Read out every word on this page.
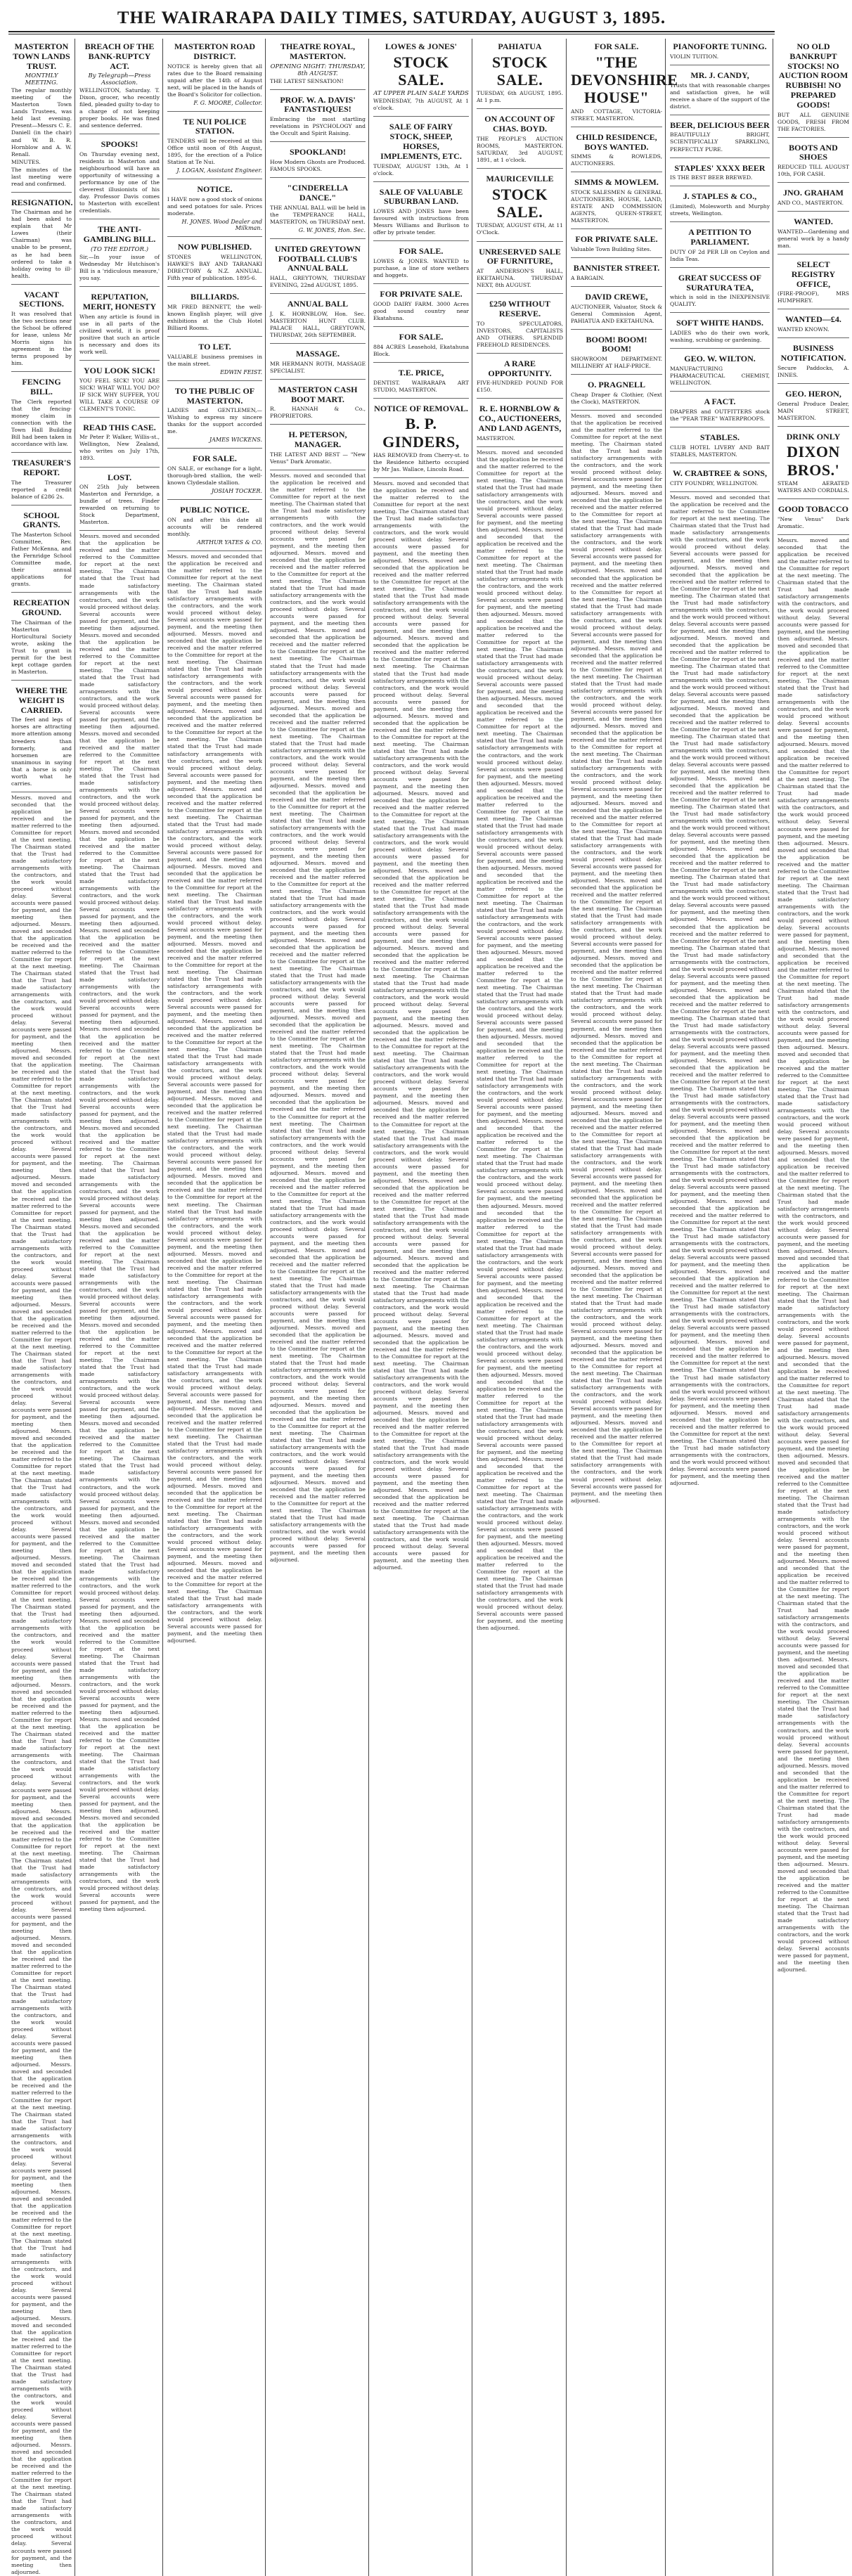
THE WAIRARAPA DAILY TIMES, SATURDAY, AUGUST 3, 1895.
MASTERTON TOWN LANDS TRUST.
MONTHLY MEETING.
The regular monthly meeting of the Masterton Town Lands Trustees, was held last evening. Present—Messrs C. E. Daniell (in the chair) and W. B. R. Hornblow and A. W. Renall.
MINUTES.
The minutes of the last meeting were read and confirmed.
RESIGNATION.
The Chairman and he had been asked to explain that Mr Lowes (their Chairman) was unable to be present, as he had been ordered to take a holiday owing to ill-health.
VACANT SECTIONS.
It was resolved that the two sections near the School be offered for lease, unless Mr Morris signs his agreement in the terms proposed by him.
FENCING BILL.
The Clerk reported that the fencing-money claim in connection with the Town Hall Building Bill had been taken in accordance with law.
TREASURER'S REPORT.
The Treasurer reported a credit balance of £286 2s.
SCHOOL GRANTS.
The Masterton School Committee, Rev. Father McKenna, and the Fernridge School Committee made, their annual applications for grants.
RECREATION GROUND.
The Chairman of the Masterton Horticultural Society wrote, asking the Trust to grant in permit for the best kept cottage garden in Masterton.
WHERE THE WEIGHT IS CARRIED.
The feet and legs of horses are attracting more attention among breeders than formerly, and horsemen are unanimous in saying that a horse is only worth what he carries.
Messrs. moved and seconded that the application be received and the matter referred to the Committee for report at the next meeting. The Chairman stated that the Trust had made satisfactory arrangements with the contractors, and the work would proceed without delay. Several accounts were passed for payment, and the meeting then adjourned. Messrs. moved and seconded that the application be received and the matter referred to the Committee for report at the next meeting. The Chairman stated that the Trust had made satisfactory arrangements with the contractors, and the work would proceed without delay. Several accounts were passed for payment, and the meeting then adjourned. Messrs. moved and seconded that the application be received and the matter referred to the Committee for report at the next meeting. The Chairman stated that the Trust had made satisfactory arrangements with the contractors, and the work would proceed without delay. Several accounts were passed for payment, and the meeting then adjourned. Messrs. moved and seconded that the application be received and the matter referred to the Committee for report at the next meeting. The Chairman stated that the Trust had made satisfactory arrangements with the contractors, and the work would proceed without delay. Several accounts were passed for payment, and the meeting then adjourned. Messrs. moved and seconded that the application be received and the matter referred to the Committee for report at the next meeting. The Chairman stated that the Trust had made satisfactory arrangements with the contractors, and the work would proceed without delay. Several accounts were passed for payment, and the meeting then adjourned. Messrs. moved and seconded that the application be received and the matter referred to the Committee for report at the next meeting. The Chairman stated that the Trust had made satisfactory arrangements with the contractors, and the work would proceed without delay. Several accounts were passed for payment, and the meeting then adjourned. Messrs. moved and seconded that the application be received and the matter referred to the Committee for report at the next meeting. The Chairman stated that the Trust had made satisfactory arrangements with the contractors, and the work would proceed without delay. Several accounts were passed for payment, and the meeting then adjourned. Messrs. moved and seconded that the application be received and the matter referred to the Committee for report at the next meeting. The Chairman stated that the Trust had made satisfactory arrangements with the contractors, and the work would proceed without delay. Several accounts were passed for payment, and the meeting then adjourned. Messrs. moved and seconded that the application be received and the matter referred to the Committee for report at the next meeting. The Chairman stated that the Trust had made satisfactory arrangements with the contractors, and the work would proceed without delay. Several accounts were passed for payment, and the meeting then adjourned. Messrs. moved and seconded that the application be received and the matter referred to the Committee for report at the next meeting. The Chairman stated that the Trust had made satisfactory arrangements with the contractors, and the work would proceed without delay. Several accounts were passed for payment, and the meeting then adjourned. Messrs. moved and seconded that the application be received and the matter referred to the Committee for report at the next meeting. The Chairman stated that the Trust had made satisfactory arrangements with the contractors, and the work would proceed without delay. Several accounts were passed for payment, and the meeting then adjourned. Messrs. moved and seconded that the application be received and the matter referred to the Committee for report at the next meeting. The Chairman stated that the Trust had made satisfactory arrangements with the contractors, and the work would proceed without delay. Several accounts were passed for payment, and the meeting then adjourned. Messrs. moved and seconded that the application be received and the matter referred to the Committee for report at the next meeting. The Chairman stated that the Trust had made satisfactory arrangements with the contractors, and the work would proceed without delay. Several accounts were passed for payment, and the meeting then adjourned. Messrs. moved and seconded that the application be received and the matter referred to the Committee for report at the next meeting. The Chairman stated that the Trust had made satisfactory arrangements with the contractors, and the work would proceed without delay. Several accounts were passed for payment, and the meeting then adjourned.
BREACH OF THE BANK-RUPTCY ACT.
By Telegraph—Press Association.
WELLINGTON, Saturday. T. Dixon, grocer, who recently filed, pleaded guilty to-day to a charge of not keeping proper books. He was fined and sentence deferred.
SPOOKS!
On Thursday evening next, residents in Masterton and neighbourhood will have an opportunity of witnessing a performance by one of the cleverest illusionists of his day. Professor Davis comes to Masterton with excellent credentials.
THE ANTI-GAMBLING BILL.
(TO THE EDITOR.)
Sir,—In your issue of Wednesday Mr Hutchison's Bill is a 'ridiculous measure,' you say.
REPUTATION, MERIT, HONESTY
When any article is found in use in all parts of the civilized world, it is proof positive that such an article is necessary and does its work well.
YOU LOOK SICK!
YOU FEEL SICK! YOU ARE SICK! WHAT WILL YOU DO? IF SICK WHY SUFFER, YOU WILL TAKE A COURSE OF CLEMENT'S TONIC.
READ THIS CASE.
Mr Peter P. Walker, Willis-st., Wellington, New Zealand, who writes on July 17th, 1893.
LOST.
ON 25th July between Masterton and Fernridge, a bundle of trees. Finder rewarded on returning to Stock Department, Masterton.
Messrs. moved and seconded that the application be received and the matter referred to the Committee for report at the next meeting. The Chairman stated that the Trust had made satisfactory arrangements with the contractors, and the work would proceed without delay. Several accounts were passed for payment, and the meeting then adjourned. Messrs. moved and seconded that the application be received and the matter referred to the Committee for report at the next meeting. The Chairman stated that the Trust had made satisfactory arrangements with the contractors, and the work would proceed without delay. Several accounts were passed for payment, and the meeting then adjourned. Messrs. moved and seconded that the application be received and the matter referred to the Committee for report at the next meeting. The Chairman stated that the Trust had made satisfactory arrangements with the contractors, and the work would proceed without delay. Several accounts were passed for payment, and the meeting then adjourned. Messrs. moved and seconded that the application be received and the matter referred to the Committee for report at the next meeting. The Chairman stated that the Trust had made satisfactory arrangements with the contractors, and the work would proceed without delay. Several accounts were passed for payment, and the meeting then adjourned. Messrs. moved and seconded that the application be received and the matter referred to the Committee for report at the next meeting. The Chairman stated that the Trust had made satisfactory arrangements with the contractors, and the work would proceed without delay. Several accounts were passed for payment, and the meeting then adjourned. Messrs. moved and seconded that the application be received and the matter referred to the Committee for report at the next meeting. The Chairman stated that the Trust had made satisfactory arrangements with the contractors, and the work would proceed without delay. Several accounts were passed for payment, and the meeting then adjourned. Messrs. moved and seconded that the application be received and the matter referred to the Committee for report at the next meeting. The Chairman stated that the Trust had made satisfactory arrangements with the contractors, and the work would proceed without delay. Several accounts were passed for payment, and the meeting then adjourned. Messrs. moved and seconded that the application be received and the matter referred to the Committee for report at the next meeting. The Chairman stated that the Trust had made satisfactory arrangements with the contractors, and the work would proceed without delay. Several accounts were passed for payment, and the meeting then adjourned. Messrs. moved and seconded that the application be received and the matter referred to the Committee for report at the next meeting. The Chairman stated that the Trust had made satisfactory arrangements with the contractors, and the work would proceed without delay. Several accounts were passed for payment, and the meeting then adjourned. Messrs. moved and seconded that the application be received and the matter referred to the Committee for report at the next meeting. The Chairman stated that the Trust had made satisfactory arrangements with the contractors, and the work would proceed without delay. Several accounts were passed for payment, and the meeting then adjourned. Messrs. moved and seconded that the application be received and the matter referred to the Committee for report at the next meeting. The Chairman stated that the Trust had made satisfactory arrangements with the contractors, and the work would proceed without delay. Several accounts were passed for payment, and the meeting then adjourned. Messrs. moved and seconded that the application be received and the matter referred to the Committee for report at the next meeting. The Chairman stated that the Trust had made satisfactory arrangements with the contractors, and the work would proceed without delay. Several accounts were passed for payment, and the meeting then adjourned. Messrs. moved and seconded that the application be received and the matter referred to the Committee for report at the next meeting. The Chairman stated that the Trust had made satisfactory arrangements with the contractors, and the work would proceed without delay. Several accounts were passed for payment, and the meeting then adjourned. Messrs. moved and seconded that the application be received and the matter referred to the Committee for report at the next meeting. The Chairman stated that the Trust had made satisfactory arrangements with the contractors, and the work would proceed without delay. Several accounts were passed for payment, and the meeting then adjourned.
MASTERTON ROAD DISTRICT.
NOTICE is hereby given that all rates due to the Board remaining unpaid after the 14th of August next, will be placed in the hands of the Board's Solicitor for collection.
F. G. MOORE, Collector.
TE NUI POLICE STATION.
TENDERS will be received at this Office until noon of 8th August, 1895, for the erection of a Police Station at Te Nui.
J. LOGAN, Assistant Engineer.
NOTICE.
I HAVE now a good stock of onions and seed potatoes for sale. Prices moderate.
H. JONES. Wood Dealer and Milkman.
NOW PUBLISHED.
STONES WELLINGTON, HAWKE'S BAY AND TARANAKI DIRECTORY & N.Z. ANNUAL. Fifth year of publication. 1895-6.
BILLIARDS.
MR FRED BENNETT, the well-known English player, will give exhibitions at the Club Hotel Billiard Rooms.
TO LET.
VALUABLE business premises in the main street.
EDWIN FEIST.
TO THE PUBLIC OF MASTERTON.
LADIES and GENTLEMEN,—Wishing to express my sincere thanks for the support accorded me.
JAMES WICKENS.
FOR SALE.
ON SALE, or exchange for a light, thorough-bred stallion, the well-known Clydesdale stallion.
JOSIAH TOCKER.
PUBLIC NOTICE.
ON and after this date all accounts will be rendered monthly.
ARTHUR YATES & CO.
Messrs. moved and seconded that the application be received and the matter referred to the Committee for report at the next meeting. The Chairman stated that the Trust had made satisfactory arrangements with the contractors, and the work would proceed without delay. Several accounts were passed for payment, and the meeting then adjourned. Messrs. moved and seconded that the application be received and the matter referred to the Committee for report at the next meeting. The Chairman stated that the Trust had made satisfactory arrangements with the contractors, and the work would proceed without delay. Several accounts were passed for payment, and the meeting then adjourned. Messrs. moved and seconded that the application be received and the matter referred to the Committee for report at the next meeting. The Chairman stated that the Trust had made satisfactory arrangements with the contractors, and the work would proceed without delay. Several accounts were passed for payment, and the meeting then adjourned. Messrs. moved and seconded that the application be received and the matter referred to the Committee for report at the next meeting. The Chairman stated that the Trust had made satisfactory arrangements with the contractors, and the work would proceed without delay. Several accounts were passed for payment, and the meeting then adjourned. Messrs. moved and seconded that the application be received and the matter referred to the Committee for report at the next meeting. The Chairman stated that the Trust had made satisfactory arrangements with the contractors, and the work would proceed without delay. Several accounts were passed for payment, and the meeting then adjourned. Messrs. moved and seconded that the application be received and the matter referred to the Committee for report at the next meeting. The Chairman stated that the Trust had made satisfactory arrangements with the contractors, and the work would proceed without delay. Several accounts were passed for payment, and the meeting then adjourned. Messrs. moved and seconded that the application be received and the matter referred to the Committee for report at the next meeting. The Chairman stated that the Trust had made satisfactory arrangements with the contractors, and the work would proceed without delay. Several accounts were passed for payment, and the meeting then adjourned. Messrs. moved and seconded that the application be received and the matter referred to the Committee for report at the next meeting. The Chairman stated that the Trust had made satisfactory arrangements with the contractors, and the work would proceed without delay. Several accounts were passed for payment, and the meeting then adjourned. Messrs. moved and seconded that the application be received and the matter referred to the Committee for report at the next meeting. The Chairman stated that the Trust had made satisfactory arrangements with the contractors, and the work would proceed without delay. Several accounts were passed for payment, and the meeting then adjourned. Messrs. moved and seconded that the application be received and the matter referred to the Committee for report at the next meeting. The Chairman stated that the Trust had made satisfactory arrangements with the contractors, and the work would proceed without delay. Several accounts were passed for payment, and the meeting then adjourned. Messrs. moved and seconded that the application be received and the matter referred to the Committee for report at the next meeting. The Chairman stated that the Trust had made satisfactory arrangements with the contractors, and the work would proceed without delay. Several accounts were passed for payment, and the meeting then adjourned. Messrs. moved and seconded that the application be received and the matter referred to the Committee for report at the next meeting. The Chairman stated that the Trust had made satisfactory arrangements with the contractors, and the work would proceed without delay. Several accounts were passed for payment, and the meeting then adjourned. Messrs. moved and seconded that the application be received and the matter referred to the Committee for report at the next meeting. The Chairman stated that the Trust had made satisfactory arrangements with the contractors, and the work would proceed without delay. Several accounts were passed for payment, and the meeting then adjourned. Messrs. moved and seconded that the application be received and the matter referred to the Committee for report at the next meeting. The Chairman stated that the Trust had made satisfactory arrangements with the contractors, and the work would proceed without delay. Several accounts were passed for payment, and the meeting then adjourned.
THEATRE ROYAL, MASTERTON.
OPENING NIGHT: THURSDAY, 8th AUGUST.
THE LATEST SENSATION!
PROF. W. A. DAVIS' FANTASTIQUES!
Embracing the most startling revelations in PSYCHOLOGY and the Occult and Spirit Raising.
SPOOKLAND!
How Modern Ghosts are Produced. FAMOUS SPOOKS.
"CINDERELLA DANCE."
THE ANNUAL BALL will be held in the TEMPERANCE HALL, MASTERTON, on THURSDAY next.
G. W. JONES, Hon. Sec.
UNITED GREYTOWN FOOTBALL CLUB'S ANNUAL BALL
HALL, GREYTOWN, THURSDAY EVENING, 22nd AUGUST, 1895.
ANNUAL BALL
J. K. HORNBLOW, Hon. Sec. MASTERTON HUNT CLUB. PALACE HALL, GREYTOWN, THURSDAY, 26th SEPTEMBER.
MASSAGE.
MR HERMANN ROTH, MASSAGE SPECIALIST.
MASTERTON CASH BOOT MART.
R. HANNAH & Co., PROPRIETORS.
H. PETERSON, MANAGER.
THE LATEST AND BEST — "New Venus" Dark Aromatic.
Messrs. moved and seconded that the application be received and the matter referred to the Committee for report at the next meeting. The Chairman stated that the Trust had made satisfactory arrangements with the contractors, and the work would proceed without delay. Several accounts were passed for payment, and the meeting then adjourned. Messrs. moved and seconded that the application be received and the matter referred to the Committee for report at the next meeting. The Chairman stated that the Trust had made satisfactory arrangements with the contractors, and the work would proceed without delay. Several accounts were passed for payment, and the meeting then adjourned. Messrs. moved and seconded that the application be received and the matter referred to the Committee for report at the next meeting. The Chairman stated that the Trust had made satisfactory arrangements with the contractors, and the work would proceed without delay. Several accounts were passed for payment, and the meeting then adjourned. Messrs. moved and seconded that the application be received and the matter referred to the Committee for report at the next meeting. The Chairman stated that the Trust had made satisfactory arrangements with the contractors, and the work would proceed without delay. Several accounts were passed for payment, and the meeting then adjourned. Messrs. moved and seconded that the application be received and the matter referred to the Committee for report at the next meeting. The Chairman stated that the Trust had made satisfactory arrangements with the contractors, and the work would proceed without delay. Several accounts were passed for payment, and the meeting then adjourned. Messrs. moved and seconded that the application be received and the matter referred to the Committee for report at the next meeting. The Chairman stated that the Trust had made satisfactory arrangements with the contractors, and the work would proceed without delay. Several accounts were passed for payment, and the meeting then adjourned. Messrs. moved and seconded that the application be received and the matter referred to the Committee for report at the next meeting. The Chairman stated that the Trust had made satisfactory arrangements with the contractors, and the work would proceed without delay. Several accounts were passed for payment, and the meeting then adjourned. Messrs. moved and seconded that the application be received and the matter referred to the Committee for report at the next meeting. The Chairman stated that the Trust had made satisfactory arrangements with the contractors, and the work would proceed without delay. Several accounts were passed for payment, and the meeting then adjourned. Messrs. moved and seconded that the application be received and the matter referred to the Committee for report at the next meeting. The Chairman stated that the Trust had made satisfactory arrangements with the contractors, and the work would proceed without delay. Several accounts were passed for payment, and the meeting then adjourned. Messrs. moved and seconded that the application be received and the matter referred to the Committee for report at the next meeting. The Chairman stated that the Trust had made satisfactory arrangements with the contractors, and the work would proceed without delay. Several accounts were passed for payment, and the meeting then adjourned. Messrs. moved and seconded that the application be received and the matter referred to the Committee for report at the next meeting. The Chairman stated that the Trust had made satisfactory arrangements with the contractors, and the work would proceed without delay. Several accounts were passed for payment, and the meeting then adjourned. Messrs. moved and seconded that the application be received and the matter referred to the Committee for report at the next meeting. The Chairman stated that the Trust had made satisfactory arrangements with the contractors, and the work would proceed without delay. Several accounts were passed for payment, and the meeting then adjourned. Messrs. moved and seconded that the application be received and the matter referred to the Committee for report at the next meeting. The Chairman stated that the Trust had made satisfactory arrangements with the contractors, and the work would proceed without delay. Several accounts were passed for payment, and the meeting then adjourned. Messrs. moved and seconded that the application be received and the matter referred to the Committee for report at the next meeting. The Chairman stated that the Trust had made satisfactory arrangements with the contractors, and the work would proceed without delay. Several accounts were passed for payment, and the meeting then adjourned.
LOWES & JONES'
STOCK SALE.
AT UPPER PLAIN SALE YARDS
WEDNESDAY, 7th AUGUST, At 1 o'clock.
SALE OF FAIRY STOCK, SHEEP, HORSES, IMPLEMENTS, ETC.
TUESDAY, AUGUST 13th, At 1 o'clock.
SALE OF VALUABLE SUBURBAN LAND.
LOWES AND JONES have been favoured with instructions from Messrs Williams and Burlison to offer by private tender.
FOR SALE.
LOWES & JONES. WANTED to purchase, a line of store wethers and hoggets.
FOR PRIVATE SALE.
GOOD DAIRY FARM. 3000 Acres good sound country near Ekatahuna.
FOR SALE.
884 ACRES Leasehold, Ekatahuna Block.
T.E. PRICE,
DENTIST. WAIRARAPA ART STUDIO, MASTERTON.
NOTICE OF REMOVAL.
B. P. GINDERS,
HAS REMOVED from Cherry-st. to the Residence hitherto occupied by Mr Jas. Wallace, Lincoln Road.
Messrs. moved and seconded that the application be received and the matter referred to the Committee for report at the next meeting. The Chairman stated that the Trust had made satisfactory arrangements with the contractors, and the work would proceed without delay. Several accounts were passed for payment, and the meeting then adjourned. Messrs. moved and seconded that the application be received and the matter referred to the Committee for report at the next meeting. The Chairman stated that the Trust had made satisfactory arrangements with the contractors, and the work would proceed without delay. Several accounts were passed for payment, and the meeting then adjourned. Messrs. moved and seconded that the application be received and the matter referred to the Committee for report at the next meeting. The Chairman stated that the Trust had made satisfactory arrangements with the contractors, and the work would proceed without delay. Several accounts were passed for payment, and the meeting then adjourned. Messrs. moved and seconded that the application be received and the matter referred to the Committee for report at the next meeting. The Chairman stated that the Trust had made satisfactory arrangements with the contractors, and the work would proceed without delay. Several accounts were passed for payment, and the meeting then adjourned. Messrs. moved and seconded that the application be received and the matter referred to the Committee for report at the next meeting. The Chairman stated that the Trust had made satisfactory arrangements with the contractors, and the work would proceed without delay. Several accounts were passed for payment, and the meeting then adjourned. Messrs. moved and seconded that the application be received and the matter referred to the Committee for report at the next meeting. The Chairman stated that the Trust had made satisfactory arrangements with the contractors, and the work would proceed without delay. Several accounts were passed for payment, and the meeting then adjourned. Messrs. moved and seconded that the application be received and the matter referred to the Committee for report at the next meeting. The Chairman stated that the Trust had made satisfactory arrangements with the contractors, and the work would proceed without delay. Several accounts were passed for payment, and the meeting then adjourned. Messrs. moved and seconded that the application be received and the matter referred to the Committee for report at the next meeting. The Chairman stated that the Trust had made satisfactory arrangements with the contractors, and the work would proceed without delay. Several accounts were passed for payment, and the meeting then adjourned. Messrs. moved and seconded that the application be received and the matter referred to the Committee for report at the next meeting. The Chairman stated that the Trust had made satisfactory arrangements with the contractors, and the work would proceed without delay. Several accounts were passed for payment, and the meeting then adjourned. Messrs. moved and seconded that the application be received and the matter referred to the Committee for report at the next meeting. The Chairman stated that the Trust had made satisfactory arrangements with the contractors, and the work would proceed without delay. Several accounts were passed for payment, and the meeting then adjourned. Messrs. moved and seconded that the application be received and the matter referred to the Committee for report at the next meeting. The Chairman stated that the Trust had made satisfactory arrangements with the contractors, and the work would proceed without delay. Several accounts were passed for payment, and the meeting then adjourned. Messrs. moved and seconded that the application be received and the matter referred to the Committee for report at the next meeting. The Chairman stated that the Trust had made satisfactory arrangements with the contractors, and the work would proceed without delay. Several accounts were passed for payment, and the meeting then adjourned. Messrs. moved and seconded that the application be received and the matter referred to the Committee for report at the next meeting. The Chairman stated that the Trust had made satisfactory arrangements with the contractors, and the work would proceed without delay. Several accounts were passed for payment, and the meeting then adjourned. Messrs. moved and seconded that the application be received and the matter referred to the Committee for report at the next meeting. The Chairman stated that the Trust had made satisfactory arrangements with the contractors, and the work would proceed without delay. Several accounts were passed for payment, and the meeting then adjourned.
PAHIATUA
STOCK SALE.
TUESDAY, 6th AUGUST, 1895. At 1 p.m.
ON ACCOUNT OF CHAS. BOYD.
THE PEOPLE'S AUCTION ROOMS, MASTERTON. SATURDAY, 3rd AUGUST, 1891, at 1 o'clock.
MAURICEVILLE
STOCK SALE.
TUESDAY, AUGUST 6TH, At 11 O'Clock.
UNRESERVED SALE OF FURNITURE,
AT ANDERSON'S HALL, EKETAHUNA. THURSDAY NEXT, 8th AUGUST.
£250 WITHOUT RESERVE.
TO SPECULATORS, INVESTORS, CAPITALISTS AND OTHERS. SPLENDID FREEHOLD RESIDENCES.
A RARE OPPORTUNITY.
FIVE-HUNDRED POUND FOR £150.
R. E. HORNBLOW & CO., AUCTIONEERS, AND LAND AGENTS,
MASTERTON.
Messrs. moved and seconded that the application be received and the matter referred to the Committee for report at the next meeting. The Chairman stated that the Trust had made satisfactory arrangements with the contractors, and the work would proceed without delay. Several accounts were passed for payment, and the meeting then adjourned. Messrs. moved and seconded that the application be received and the matter referred to the Committee for report at the next meeting. The Chairman stated that the Trust had made satisfactory arrangements with the contractors, and the work would proceed without delay. Several accounts were passed for payment, and the meeting then adjourned. Messrs. moved and seconded that the application be received and the matter referred to the Committee for report at the next meeting. The Chairman stated that the Trust had made satisfactory arrangements with the contractors, and the work would proceed without delay. Several accounts were passed for payment, and the meeting then adjourned. Messrs. moved and seconded that the application be received and the matter referred to the Committee for report at the next meeting. The Chairman stated that the Trust had made satisfactory arrangements with the contractors, and the work would proceed without delay. Several accounts were passed for payment, and the meeting then adjourned. Messrs. moved and seconded that the application be received and the matter referred to the Committee for report at the next meeting. The Chairman stated that the Trust had made satisfactory arrangements with the contractors, and the work would proceed without delay. Several accounts were passed for payment, and the meeting then adjourned. Messrs. moved and seconded that the application be received and the matter referred to the Committee for report at the next meeting. The Chairman stated that the Trust had made satisfactory arrangements with the contractors, and the work would proceed without delay. Several accounts were passed for payment, and the meeting then adjourned. Messrs. moved and seconded that the application be received and the matter referred to the Committee for report at the next meeting. The Chairman stated that the Trust had made satisfactory arrangements with the contractors, and the work would proceed without delay. Several accounts were passed for payment, and the meeting then adjourned. Messrs. moved and seconded that the application be received and the matter referred to the Committee for report at the next meeting. The Chairman stated that the Trust had made satisfactory arrangements with the contractors, and the work would proceed without delay. Several accounts were passed for payment, and the meeting then adjourned. Messrs. moved and seconded that the application be received and the matter referred to the Committee for report at the next meeting. The Chairman stated that the Trust had made satisfactory arrangements with the contractors, and the work would proceed without delay. Several accounts were passed for payment, and the meeting then adjourned. Messrs. moved and seconded that the application be received and the matter referred to the Committee for report at the next meeting. The Chairman stated that the Trust had made satisfactory arrangements with the contractors, and the work would proceed without delay. Several accounts were passed for payment, and the meeting then adjourned. Messrs. moved and seconded that the application be received and the matter referred to the Committee for report at the next meeting. The Chairman stated that the Trust had made satisfactory arrangements with the contractors, and the work would proceed without delay. Several accounts were passed for payment, and the meeting then adjourned. Messrs. moved and seconded that the application be received and the matter referred to the Committee for report at the next meeting. The Chairman stated that the Trust had made satisfactory arrangements with the contractors, and the work would proceed without delay. Several accounts were passed for payment, and the meeting then adjourned. Messrs. moved and seconded that the application be received and the matter referred to the Committee for report at the next meeting. The Chairman stated that the Trust had made satisfactory arrangements with the contractors, and the work would proceed without delay. Several accounts were passed for payment, and the meeting then adjourned. Messrs. moved and seconded that the application be received and the matter referred to the Committee for report at the next meeting. The Chairman stated that the Trust had made satisfactory arrangements with the contractors, and the work would proceed without delay. Several accounts were passed for payment, and the meeting then adjourned.
FOR SALE.
"THE DEVONSHIRE HOUSE"
AND COTTAGE, VICTORIA-STREET, MASTERTON.
CHILD RESIDENCE, BOYS WANTED.
SIMMS & ROWLEDS, AUCTIONEERS.
SIMMS & MOWLEM.
STOCK SALESMEN & GENERAL AUCTIONEERS, HOUSE, LAND, ESTATE AND COMMISSION AGENTS, QUEEN-STREET, MASTERTON.
FOR PRIVATE SALE.
Valuable Town Building Sites.
BANNISTER STREET.
A BARGAIN.
DAVID CREWE,
AUCTIONEER, Valuator, Stock & General Commission Agent, PAHIATUA AND EKETAHUNA.
BOOM! BOOM! BOOM!
SHOWROOM DEPARTMENT. MILLINERY AT HALF-PRICE.
O. PRAGNELL
Cheap Draper & Clothier, (Next the Clock), MASTERTON.
Messrs. moved and seconded that the application be received and the matter referred to the Committee for report at the next meeting. The Chairman stated that the Trust had made satisfactory arrangements with the contractors, and the work would proceed without delay. Several accounts were passed for payment, and the meeting then adjourned. Messrs. moved and seconded that the application be received and the matter referred to the Committee for report at the next meeting. The Chairman stated that the Trust had made satisfactory arrangements with the contractors, and the work would proceed without delay. Several accounts were passed for payment, and the meeting then adjourned. Messrs. moved and seconded that the application be received and the matter referred to the Committee for report at the next meeting. The Chairman stated that the Trust had made satisfactory arrangements with the contractors, and the work would proceed without delay. Several accounts were passed for payment, and the meeting then adjourned. Messrs. moved and seconded that the application be received and the matter referred to the Committee for report at the next meeting. The Chairman stated that the Trust had made satisfactory arrangements with the contractors, and the work would proceed without delay. Several accounts were passed for payment, and the meeting then adjourned. Messrs. moved and seconded that the application be received and the matter referred to the Committee for report at the next meeting. The Chairman stated that the Trust had made satisfactory arrangements with the contractors, and the work would proceed without delay. Several accounts were passed for payment, and the meeting then adjourned. Messrs. moved and seconded that the application be received and the matter referred to the Committee for report at the next meeting. The Chairman stated that the Trust had made satisfactory arrangements with the contractors, and the work would proceed without delay. Several accounts were passed for payment, and the meeting then adjourned. Messrs. moved and seconded that the application be received and the matter referred to the Committee for report at the next meeting. The Chairman stated that the Trust had made satisfactory arrangements with the contractors, and the work would proceed without delay. Several accounts were passed for payment, and the meeting then adjourned. Messrs. moved and seconded that the application be received and the matter referred to the Committee for report at the next meeting. The Chairman stated that the Trust had made satisfactory arrangements with the contractors, and the work would proceed without delay. Several accounts were passed for payment, and the meeting then adjourned. Messrs. moved and seconded that the application be received and the matter referred to the Committee for report at the next meeting. The Chairman stated that the Trust had made satisfactory arrangements with the contractors, and the work would proceed without delay. Several accounts were passed for payment, and the meeting then adjourned. Messrs. moved and seconded that the application be received and the matter referred to the Committee for report at the next meeting. The Chairman stated that the Trust had made satisfactory arrangements with the contractors, and the work would proceed without delay. Several accounts were passed for payment, and the meeting then adjourned. Messrs. moved and seconded that the application be received and the matter referred to the Committee for report at the next meeting. The Chairman stated that the Trust had made satisfactory arrangements with the contractors, and the work would proceed without delay. Several accounts were passed for payment, and the meeting then adjourned. Messrs. moved and seconded that the application be received and the matter referred to the Committee for report at the next meeting. The Chairman stated that the Trust had made satisfactory arrangements with the contractors, and the work would proceed without delay. Several accounts were passed for payment, and the meeting then adjourned. Messrs. moved and seconded that the application be received and the matter referred to the Committee for report at the next meeting. The Chairman stated that the Trust had made satisfactory arrangements with the contractors, and the work would proceed without delay. Several accounts were passed for payment, and the meeting then adjourned. Messrs. moved and seconded that the application be received and the matter referred to the Committee for report at the next meeting. The Chairman stated that the Trust had made satisfactory arrangements with the contractors, and the work would proceed without delay. Several accounts were passed for payment, and the meeting then adjourned.
PIANOFORTE TUNING.
VIOLIN TUITION.
MR. J. CANDY,
Trusts that with reasonable charges and satisfaction given, he will receive a share of the support of the district.
BEER, DELICIOUS BEER
BEAUTIFULLY BRIGHT, SCIENTIFICALLY SPARKLING, PERFECTLY PURE.
STAPLES' XXXX BEER
IS THE BEST BEER BREWED.
J. STAPLES & CO.,
(Limited), Molesworth and Murphy streets, Wellington.
A PETITION TO PARLIAMENT.
DUTY OF 2d PER LB on Ceylon and India Teas.
GREAT SUCCESS OF SURATURA TEA,
which is sold in the INEXPENSIVE QUALITY.
SOFT WHITE HANDS.
LADIES who do their own work, washing, scrubbing or gardening.
GEO. W. WILTON.
MANUFACTURING PHARMACEUTICAL CHEMIST, WELLINGTON.
A FACT.
DRAPERS and OUTFITTERS stock the "PEAR TREE" WATERPROOFS.
STABLES.
CLUB HOTEL LIVERY AND BAIT STABLES, MASTERTON.
W. CRABTREE & SONS,
CITY FOUNDRY, WELLINGTON.
Messrs. moved and seconded that the application be received and the matter referred to the Committee for report at the next meeting. The Chairman stated that the Trust had made satisfactory arrangements with the contractors, and the work would proceed without delay. Several accounts were passed for payment, and the meeting then adjourned. Messrs. moved and seconded that the application be received and the matter referred to the Committee for report at the next meeting. The Chairman stated that the Trust had made satisfactory arrangements with the contractors, and the work would proceed without delay. Several accounts were passed for payment, and the meeting then adjourned. Messrs. moved and seconded that the application be received and the matter referred to the Committee for report at the next meeting. The Chairman stated that the Trust had made satisfactory arrangements with the contractors, and the work would proceed without delay. Several accounts were passed for payment, and the meeting then adjourned. Messrs. moved and seconded that the application be received and the matter referred to the Committee for report at the next meeting. The Chairman stated that the Trust had made satisfactory arrangements with the contractors, and the work would proceed without delay. Several accounts were passed for payment, and the meeting then adjourned. Messrs. moved and seconded that the application be received and the matter referred to the Committee for report at the next meeting. The Chairman stated that the Trust had made satisfactory arrangements with the contractors, and the work would proceed without delay. Several accounts were passed for payment, and the meeting then adjourned. Messrs. moved and seconded that the application be received and the matter referred to the Committee for report at the next meeting. The Chairman stated that the Trust had made satisfactory arrangements with the contractors, and the work would proceed without delay. Several accounts were passed for payment, and the meeting then adjourned. Messrs. moved and seconded that the application be received and the matter referred to the Committee for report at the next meeting. The Chairman stated that the Trust had made satisfactory arrangements with the contractors, and the work would proceed without delay. Several accounts were passed for payment, and the meeting then adjourned. Messrs. moved and seconded that the application be received and the matter referred to the Committee for report at the next meeting. The Chairman stated that the Trust had made satisfactory arrangements with the contractors, and the work would proceed without delay. Several accounts were passed for payment, and the meeting then adjourned. Messrs. moved and seconded that the application be received and the matter referred to the Committee for report at the next meeting. The Chairman stated that the Trust had made satisfactory arrangements with the contractors, and the work would proceed without delay. Several accounts were passed for payment, and the meeting then adjourned. Messrs. moved and seconded that the application be received and the matter referred to the Committee for report at the next meeting. The Chairman stated that the Trust had made satisfactory arrangements with the contractors, and the work would proceed without delay. Several accounts were passed for payment, and the meeting then adjourned. Messrs. moved and seconded that the application be received and the matter referred to the Committee for report at the next meeting. The Chairman stated that the Trust had made satisfactory arrangements with the contractors, and the work would proceed without delay. Several accounts were passed for payment, and the meeting then adjourned. Messrs. moved and seconded that the application be received and the matter referred to the Committee for report at the next meeting. The Chairman stated that the Trust had made satisfactory arrangements with the contractors, and the work would proceed without delay. Several accounts were passed for payment, and the meeting then adjourned. Messrs. moved and seconded that the application be received and the matter referred to the Committee for report at the next meeting. The Chairman stated that the Trust had made satisfactory arrangements with the contractors, and the work would proceed without delay. Several accounts were passed for payment, and the meeting then adjourned. Messrs. moved and seconded that the application be received and the matter referred to the Committee for report at the next meeting. The Chairman stated that the Trust had made satisfactory arrangements with the contractors, and the work would proceed without delay. Several accounts were passed for payment, and the meeting then adjourned.
NO OLD BANKRUPT STOCKS! NO AUCTION ROOM RUBBISH! NO PREPARED GOODS!
BUT ALL GENUINE GOODS, FRESH FROM THE FACTORIES.
BOOTS AND SHOES
REDUCED TILL AUGUST 10th, FOR CASH.
JNO. GRAHAM
AND CO., MASTERTON.
WANTED.
WANTED—Gardening and general work by a handy man.
SELECT REGISTRY OFFICE,
(FIRE-PROOF), MRS HUMPHREY.
WANTED—£4.
WANTED KNOWN.
BUSINESS NOTIFICATION.
Secure Paddocks, A. INNES.
GEO. HERON,
General Produce Dealer, MAIN STREET, MASTERTON.
DRINK ONLY
DIXON BROS.'
STEAM AERATED WATERS AND CORDIALS.
GOOD TOBACCO
"New Venus" Dark Aromatic.
Messrs. moved and seconded that the application be received and the matter referred to the Committee for report at the next meeting. The Chairman stated that the Trust had made satisfactory arrangements with the contractors, and the work would proceed without delay. Several accounts were passed for payment, and the meeting then adjourned. Messrs. moved and seconded that the application be received and the matter referred to the Committee for report at the next meeting. The Chairman stated that the Trust had made satisfactory arrangements with the contractors, and the work would proceed without delay. Several accounts were passed for payment, and the meeting then adjourned. Messrs. moved and seconded that the application be received and the matter referred to the Committee for report at the next meeting. The Chairman stated that the Trust had made satisfactory arrangements with the contractors, and the work would proceed without delay. Several accounts were passed for payment, and the meeting then adjourned. Messrs. moved and seconded that the application be received and the matter referred to the Committee for report at the next meeting. The Chairman stated that the Trust had made satisfactory arrangements with the contractors, and the work would proceed without delay. Several accounts were passed for payment, and the meeting then adjourned. Messrs. moved and seconded that the application be received and the matter referred to the Committee for report at the next meeting. The Chairman stated that the Trust had made satisfactory arrangements with the contractors, and the work would proceed without delay. Several accounts were passed for payment, and the meeting then adjourned. Messrs. moved and seconded that the application be received and the matter referred to the Committee for report at the next meeting. The Chairman stated that the Trust had made satisfactory arrangements with the contractors, and the work would proceed without delay. Several accounts were passed for payment, and the meeting then adjourned. Messrs. moved and seconded that the application be received and the matter referred to the Committee for report at the next meeting. The Chairman stated that the Trust had made satisfactory arrangements with the contractors, and the work would proceed without delay. Several accounts were passed for payment, and the meeting then adjourned. Messrs. moved and seconded that the application be received and the matter referred to the Committee for report at the next meeting. The Chairman stated that the Trust had made satisfactory arrangements with the contractors, and the work would proceed without delay. Several accounts were passed for payment, and the meeting then adjourned. Messrs. moved and seconded that the application be received and the matter referred to the Committee for report at the next meeting. The Chairman stated that the Trust had made satisfactory arrangements with the contractors, and the work would proceed without delay. Several accounts were passed for payment, and the meeting then adjourned. Messrs. moved and seconded that the application be received and the matter referred to the Committee for report at the next meeting. The Chairman stated that the Trust had made satisfactory arrangements with the contractors, and the work would proceed without delay. Several accounts were passed for payment, and the meeting then adjourned. Messrs. moved and seconded that the application be received and the matter referred to the Committee for report at the next meeting. The Chairman stated that the Trust had made satisfactory arrangements with the contractors, and the work would proceed without delay. Several accounts were passed for payment, and the meeting then adjourned. Messrs. moved and seconded that the application be received and the matter referred to the Committee for report at the next meeting. The Chairman stated that the Trust had made satisfactory arrangements with the contractors, and the work would proceed without delay. Several accounts were passed for payment, and the meeting then adjourned. Messrs. moved and seconded that the application be received and the matter referred to the Committee for report at the next meeting. The Chairman stated that the Trust had made satisfactory arrangements with the contractors, and the work would proceed without delay. Several accounts were passed for payment, and the meeting then adjourned. Messrs. moved and seconded that the application be received and the matter referred to the Committee for report at the next meeting. The Chairman stated that the Trust had made satisfactory arrangements with the contractors, and the work would proceed without delay. Several accounts were passed for payment, and the meeting then adjourned.
